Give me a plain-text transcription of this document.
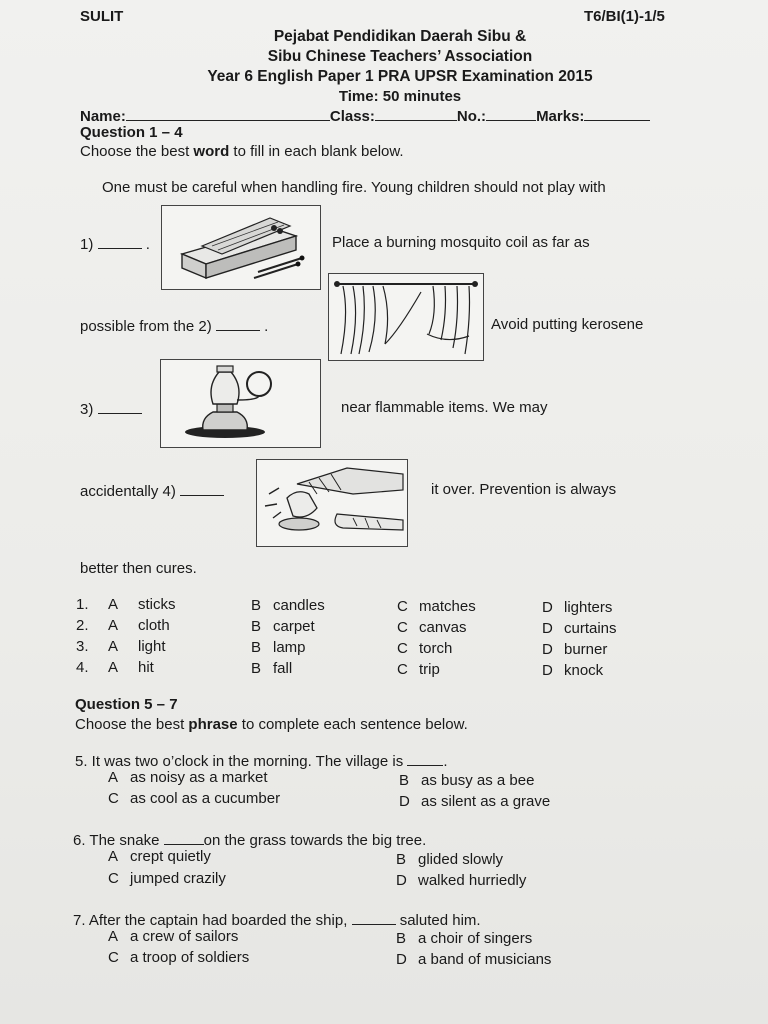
SULIT	T6/BI(1)-1/5
Pejabat Pendidikan Daerah Sibu &
Sibu Chinese Teachers’ Association
Year 6 English Paper 1 PRA UPSR Examination 2015
Time: 50 minutes
Name:	Class:	No.:	Marks:
Question 1 – 4
Choose the best word to fill in each blank below.
One must be careful when handling fire. Young children should not play with
1)	.	Place a burning mosquito coil as far as
possible from the 2)	.	Avoid putting kerosene
3)	near flammable items. We may
accidentally 4)	it over. Prevention is always
better then cures.
1. A sticks	B candles	C matches	D lighters
2. A cloth	B carpet	C canvas	D curtains
3. A light	B lamp	C torch	D burner
4. A hit	B fall	C trip	D knock
Question 5 – 7
Choose the best phrase to complete each sentence below.
5. It was two o’clock in the morning. The village is	.
A as noisy as a market	B as busy as a bee
C as cool as a cucumber	D as silent as a grave
6. The snake	on the grass towards the big tree.
A crept quietly	B glided slowly
C jumped crazily	D walked hurriedly
7. After the captain had boarded the ship,	saluted him.
A a crew of sailors	B a choir of singers
C a troop of soldiers	D a band of musicians
